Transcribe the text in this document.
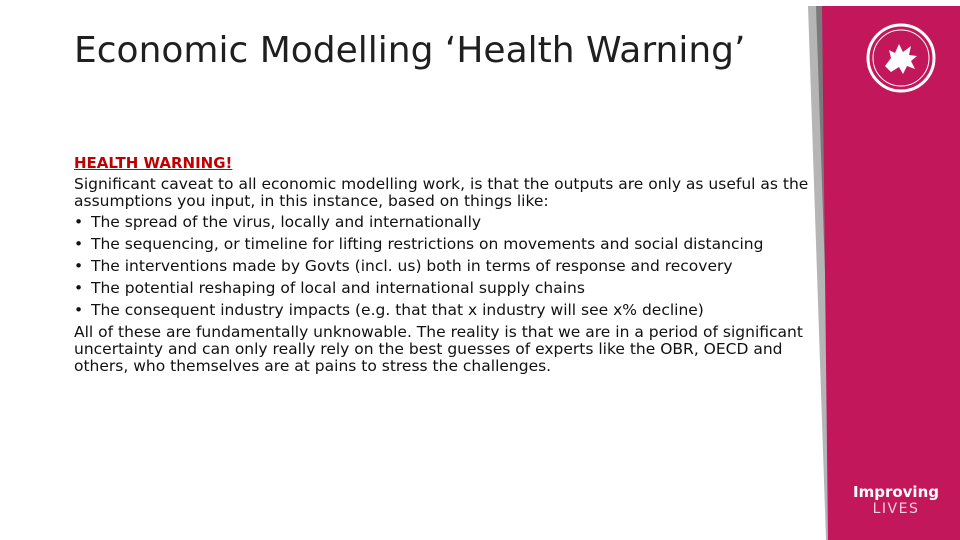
Improving
LIVES
Economic Modelling ‘Health Warning’
HEALTH WARNING!
Significant caveat to all economic modelling work, is that the outputs are only as useful as the assumptions you input, in this instance, based on things like:
• The spread of the virus, locally and internationally
• The sequencing, or timeline for lifting restrictions on movements and social distancing
• The interventions made by Govts (incl. us) both in terms of response and recovery
• The potential reshaping of local and international supply chains
• The consequent industry impacts (e.g. that that x industry will see x% decline)
All of these are fundamentally unknowable. The reality is that we are in a period of significant uncertainty and can only really rely on the best guesses of experts like the OBR, OECD and others, who themselves are at pains to stress the challenges.
